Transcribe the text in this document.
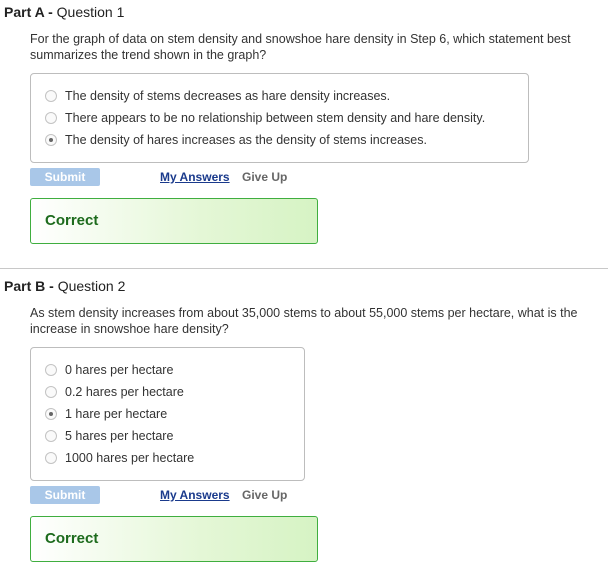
Part A - Question 1
For the graph of data on stem density and snowshoe hare density in Step 6, which statement best summarizes the trend shown in the graph?
The density of stems decreases as hare density increases.
There appears to be no relationship between stem density and hare density.
The density of hares increases as the density of stems increases.
Submit	My Answers Give Up
Correct
Part B - Question 2
As stem density increases from about 35,000 stems to about 55,000 stems per hectare, what is the increase in snowshoe hare density?
0 hares per hectare
0.2 hares per hectare
1 hare per hectare
5 hares per hectare
1000 hares per hectare
Submit	My Answers Give Up
Correct
